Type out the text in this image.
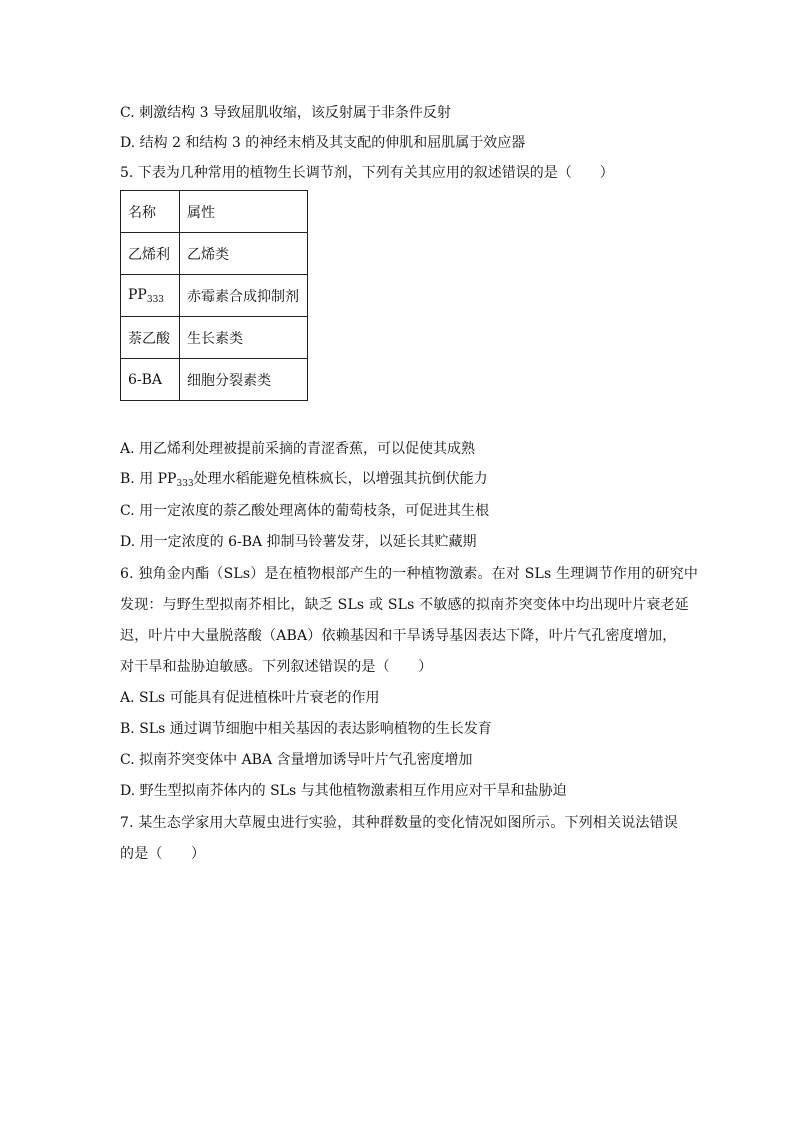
C. 刺激结构 3 导致屈肌收缩，该反射属于非条件反射
D. 结构 2 和结构 3 的神经末梢及其支配的伸肌和屈肌属于效应器
5. 下表为几种常用的植物生长调节剂，下列有关其应用的叙述错误的是（　　）
名称	属性
乙烯利	乙烯类
$PP_{333}$	赤霉素合成抑制剂
萘乙酸	生长素类
6-BA	细胞分裂素类
A. 用乙烯利处理被提前采摘的青涩香蕉，可以促使其成熟
B. 用 $PP_{333}$处理水稻能避免植株疯长，以增强其抗倒伏能力
C. 用一定浓度的萘乙酸处理离体的葡萄枝条，可促进其生根
D. 用一定浓度的 6-BA 抑制马铃薯发芽，以延长其贮藏期
6. 独角金内酯（SLs）是在植物根部产生的一种植物激素。在对 SLs 生理调节作用的研究中
发现：与野生型拟南芥相比，缺乏 SLs 或 SLs 不敏感的拟南芥突变体中均出现叶片衰老延
迟，叶片中大量脱落酸（ABA）依赖基因和干旱诱导基因表达下降，叶片气孔密度增加，
对干旱和盐胁迫敏感。下列叙述错误的是（　　）
A. SLs 可能具有促进植株叶片衰老的作用
B. SLs 通过调节细胞中相关基因的表达影响植物的生长发育
C. 拟南芥突变体中 ABA 含量增加诱导叶片气孔密度增加
D. 野生型拟南芥体内的 SLs 与其他植物激素相互作用应对干旱和盐胁迫
7. 某生态学家用大草履虫进行实验，其种群数量的变化情况如图所示。下列相关说法错误
的是（　　）
